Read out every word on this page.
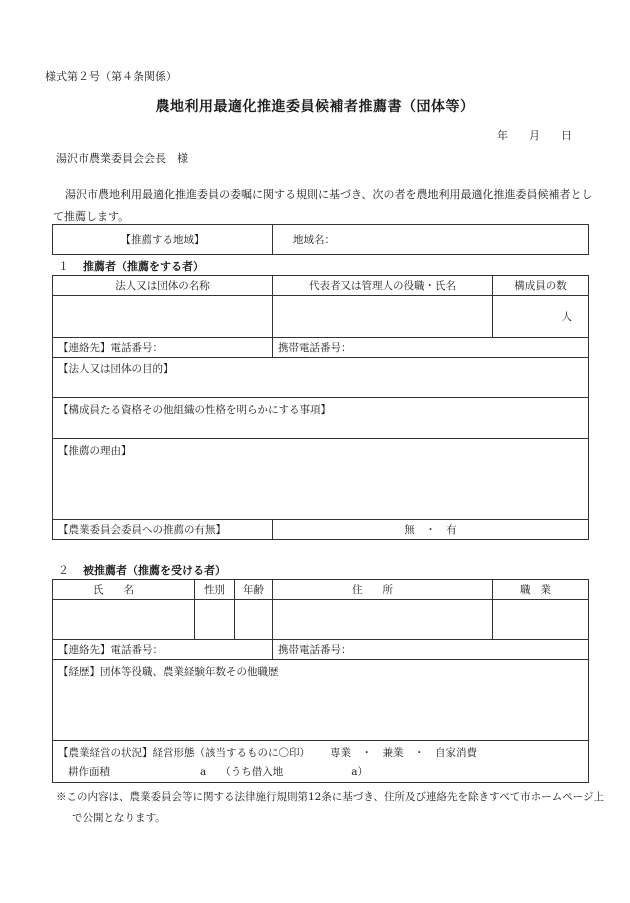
様式第２号（第４条関係）
農地利用最適化推進委員候補者推薦書（団体等）
年 月 日
湯沢市農業委員会会長　様
湯沢市農地利用最適化推進委員の委嘱に関する規則に基づき、次の者を農地利用最適化推進委員候補者として推薦します。
【推薦する地域】	地域名：
１ 推薦者（推薦をする者）
法人又は団体の名称	代表者又は管理人の役職・氏名	構成員の数
		人
【連絡先】電話番号：	携帯電話番号：	
【法人又は団体の目的】		
【構成員たる資格その他組織の性格を明らかにする事項】		
【推薦の理由】		
【農業委員会委員への推薦の有無】	無　・　有	
２ 被推薦者（推薦を受ける者）
氏名	性別	年齢	住所	職業

【連絡先】電話番号：			携帯電話番号：	
【経歴】団体等役職、農業経験年数その他職歴				

【農業経営の状況】経営形態（該当するものに〇印） 専業　・　兼業　・　自家消費
耕作面積 a （うち借入地 a）				
※この内容は、農業委員会等に関する法律施行規則第12条に基づき、住所及び連絡先を除きすべて市ホームページ上で公開となります。
